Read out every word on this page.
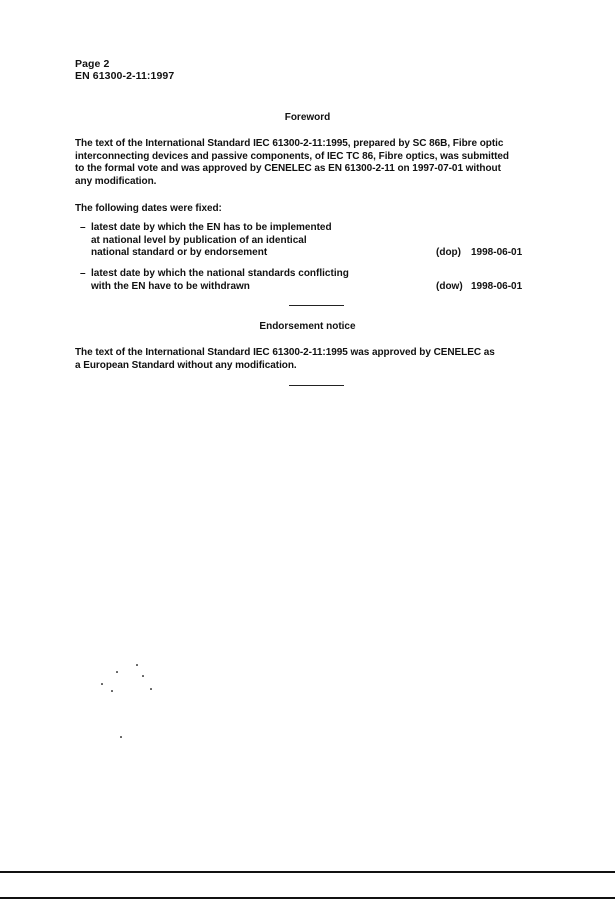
Page 2
EN 61300-2-11:1997
Foreword
The text of the International Standard IEC 61300-2-11:1995, prepared by SC 86B, Fibre optic
interconnecting devices and passive components, of IEC TC 86, Fibre optics, was submitted
to the formal vote and was approved by CENELEC as EN 61300-2-11 on 1997-07-01 without
any modification.
The following dates were fixed:
– latest date by which the EN has to be implemented
at national level by publication of an identical
national standard or by endorsement	(dop) 1998-06-01
– latest date by which the national standards conflicting
with the EN have to be withdrawn	(dow) 1998-06-01
Endorsement notice
The text of the International Standard IEC 61300-2-11:1995 was approved by CENELEC as
a European Standard without any modification.
